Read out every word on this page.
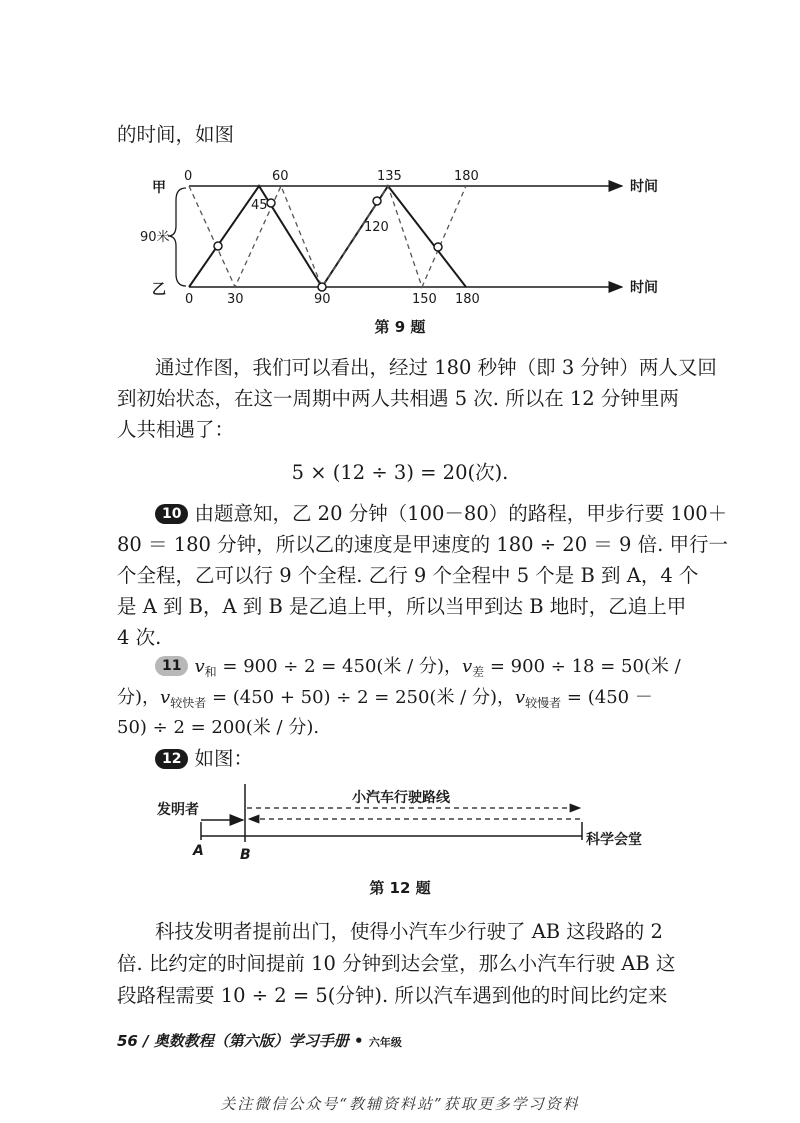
的时间，如图
甲
乙
90米
时间
时间
0	60	135	180
0	30	90	150 180
45
120
小汽车行驶路线
发明者
A	B
科学会堂
第 9 题
通过作图，我们可以看出，经过 180 秒钟（即 3 分钟）两人又回
到初始状态，在这一周期中两人共相遇 5 次. 所以在 12 分钟里两
人共相遇了：
5 × (12 ÷ 3) = 20(次).
10 由题意知，乙 20 分钟（100－80）的路程，甲步行要 100＋
80 ＝ 180 分钟，所以乙的速度是甲速度的 180 ÷ 20 ＝ 9 倍. 甲行一
个全程，乙可以行 9 个全程. 乙行 9 个全程中 5 个是 B 到 A，4 个
是 A 到 B，A 到 B 是乙追上甲，所以当甲到达 B 地时，乙追上甲
4 次.
11 $v_和 = 900 \div 2 = 450$(米 / 分)，$v_差 = 900 \div 18 = 50$(米 /
分)，$v_{较快者} = (450 + 50) \div 2 = 250$(米 / 分)，$v_{较慢者} = (450$ －
50) ÷ 2 = 200(米 / 分).
12 如图：
第 12 题
科技发明者提前出门，使得小汽车少行驶了 AB 这段路的 2
倍. 比约定的时间提前 10 分钟到达会堂，那么小汽车行驶 AB 这
段路程需要 10 ÷ 2 = 5(分钟). 所以汽车遇到他的时间比约定来
56 / 奥数教程（第六版）学习手册 • 六年级
关注微信公众号“教辅资料站”获取更多学习资料
